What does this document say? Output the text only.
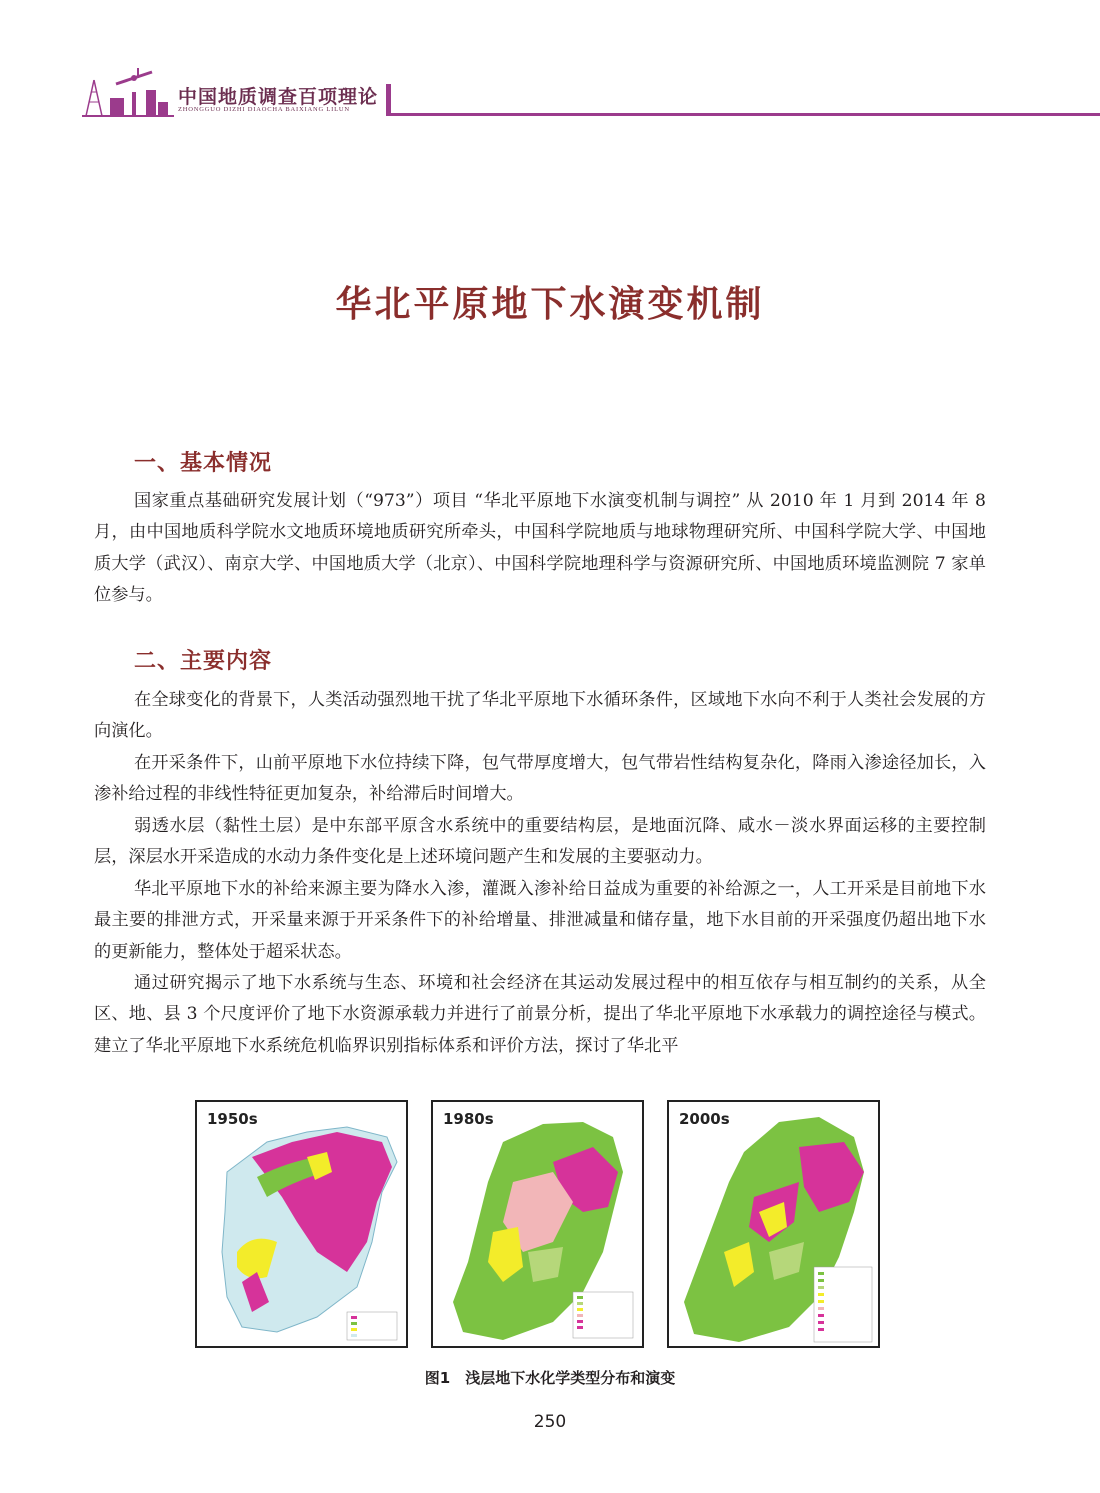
中国地质调查百项理论
ZHONGGUO DIZHI DIAOCHA BAIXIANG LILUN
华北平原地下水演变机制
一、基本情况

国家重点基础研究发展计划（“973”）项目 “华北平原地下水演变机制与调控” 从 2010 年 1 月到 2014 年 8 月，由中国地质科学院水文地质环境地质研究所牵头，中国科学院地质与地球物理研究所、中国科学院大学、中国地质大学（武汉）、南京大学、中国地质大学（北京）、中国科学院地理科学与资源研究所、中国地质环境监测院 7 家单位参与。

二、主要内容

在全球变化的背景下，人类活动强烈地干扰了华北平原地下水循环条件，区域地下水向不利于人类社会发展的方向演化。

在开采条件下，山前平原地下水位持续下降，包气带厚度增大，包气带岩性结构复杂化，降雨入渗途径加长，入渗补给过程的非线性特征更加复杂，补给滞后时间增大。

弱透水层（黏性土层）是中东部平原含水系统中的重要结构层，是地面沉降、咸水－淡水界面运移的主要控制层，深层水开采造成的水动力条件变化是上述环境问题产生和发展的主要驱动力。

华北平原地下水的补给来源主要为降水入渗，灌溉入渗补给日益成为重要的补给源之一，人工开采是目前地下水最主要的排泄方式，开采量来源于开采条件下的补给增量、排泄减量和储存量，地下水目前的开采强度仍超出地下水的更新能力，整体处于超采状态。

通过研究揭示了地下水系统与生态、环境和社会经济在其运动发展过程中的相互依存与相互制约的关系，从全区、地、县 3 个尺度评价了地下水资源承载力并进行了前景分析，提出了华北平原地下水承载力的调控途径与模式。建立了华北平原地下水系统危机临界识别指标体系和评价方法，探讨了华北平

1950s	1980s	2000s
图1　浅层地下水化学类型分布和演变
250
